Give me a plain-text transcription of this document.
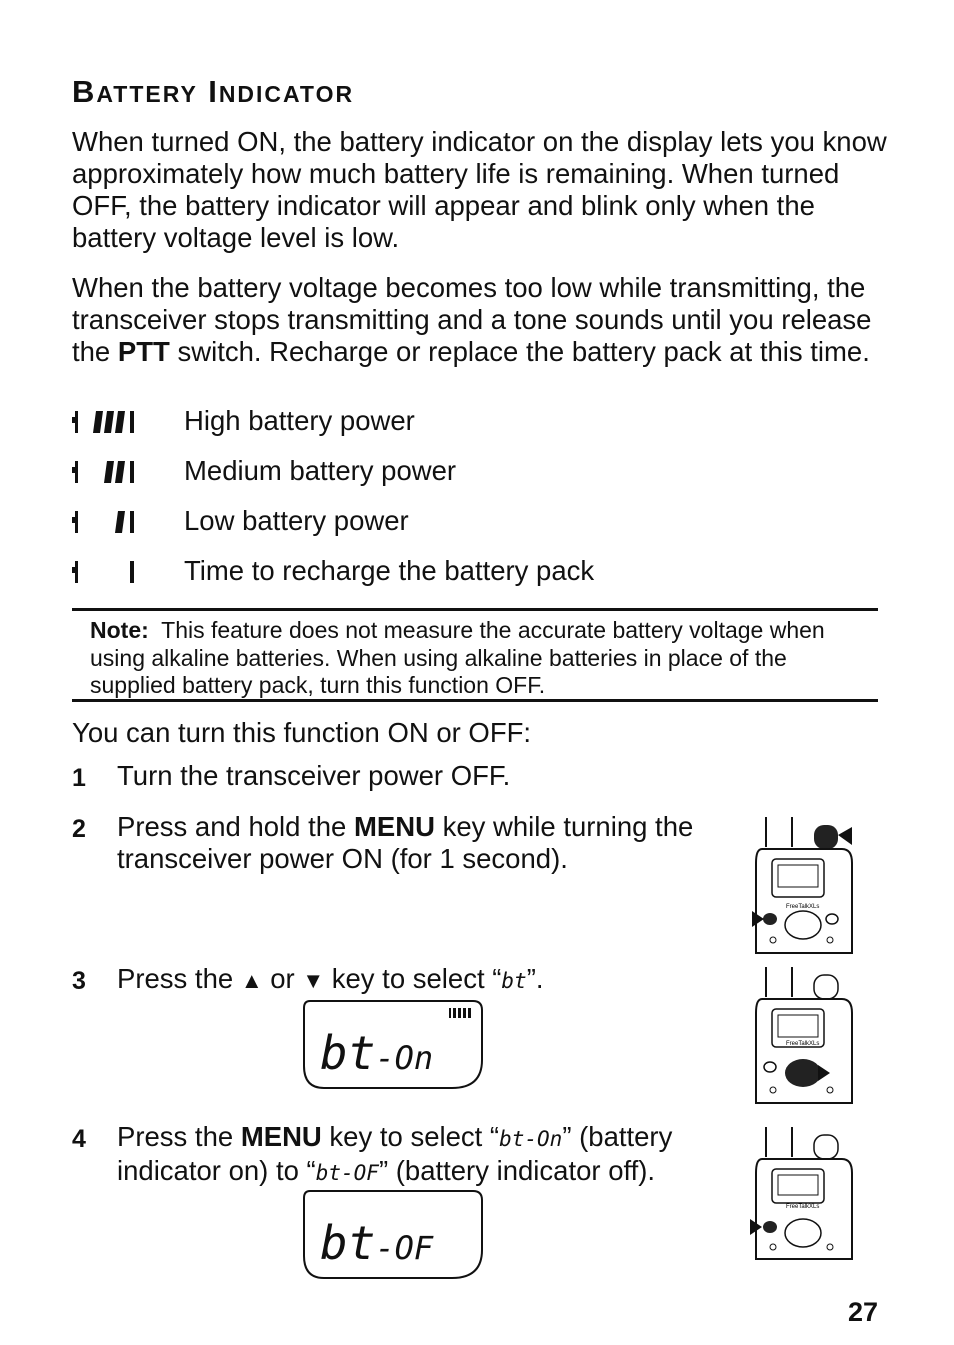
BATTERY INDICATOR
When turned ON, the battery indicator on the display lets you know approximately how much battery life is remaining. When turned OFF, the battery indicator will appear and blink only when the battery voltage level is low.
When the battery voltage becomes too low while transmitting, the transceiver stops transmitting and a tone sounds until you release the PTT switch. Recharge or replace the battery pack at this time.
High battery power
Medium battery power
Low battery power
Time to recharge the battery pack
Note: This feature does not measure the accurate battery voltage when using alkaline batteries. When using alkaline batteries in place of the supplied battery pack, turn this function OFF.
You can turn this function ON or OFF:
1 Turn the transceiver power OFF.
2 Press and hold the MENU key while turning the transceiver power ON (for 1 second).
3 Press the ▲ or ▼ key to select “bt”.
4 Press the MENU key to select “bt-On” (battery indicator on) to “bt-OF” (battery indicator off).
bt-On
bt-OF
FreeTalkXLs
FreeTalkXLs
FreeTalkXLs
27
